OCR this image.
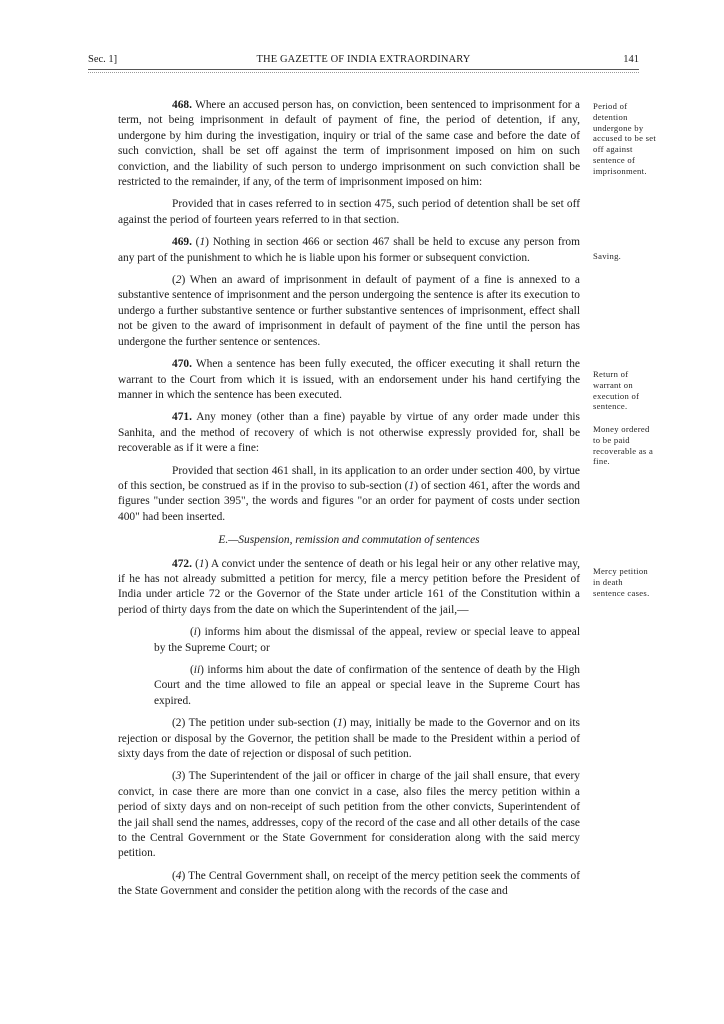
Sec. 1]	THE GAZETTE OF INDIA EXTRAORDINARY	141

468. Where an accused person has, on conviction, been sentenced to imprisonment for a term, not being imprisonment in default of payment of fine, the period of detention, if any, undergone by him during the investigation, inquiry or trial of the same case and before the date of such conviction, shall be set off against the term of imprisonment imposed on him on such conviction, and the liability of such person to undergo imprisonment on such conviction shall be restricted to the remainder, if any, of the term of imprisonment imposed on him:

Provided that in cases referred to in section 475, such period of detention shall be set off against the period of fourteen years referred to in that section.

469. (1) Nothing in section 466 or section 467 shall be held to excuse any person from any part of the punishment to which he is liable upon his former or subsequent conviction.

(2) When an award of imprisonment in default of payment of a fine is annexed to a substantive sentence of imprisonment and the person undergoing the sentence is after its execution to undergo a further substantive sentence or further substantive sentences of imprisonment, effect shall not be given to the award of imprisonment in default of payment of the fine until the person has undergone the further sentence or sentences.

470. When a sentence has been fully executed, the officer executing it shall return the warrant to the Court from which it is issued, with an endorsement under his hand certifying the manner in which the sentence has been executed.

471. Any money (other than a fine) payable by virtue of any order made under this Sanhita, and the method of recovery of which is not otherwise expressly provided for, shall be recoverable as if it were a fine:

Provided that section 461 shall, in its application to an order under section 400, by virtue of this section, be construed as if in the proviso to sub-section (1) of section 461, after the words and figures "under section 395", the words and figures "or an order for payment of costs under section 400" had been inserted.

E.—Suspension, remission and commutation of sentences

472. (1) A convict under the sentence of death or his legal heir or any other relative may, if he has not already submitted a petition for mercy, file a mercy petition before the President of India under article 72 or the Governor of the State under article 161 of the Constitution within a period of thirty days from the date on which the Superintendent of the jail,—

(i) informs him about the dismissal of the appeal, review or special leave to appeal by the Supreme Court; or

(ii) informs him about the date of confirmation of the sentence of death by the High Court and the time allowed to file an appeal or special leave in the Supreme Court has expired.

(2) The petition under sub-section (1) may, initially be made to the Governor and on its rejection or disposal by the Governor, the petition shall be made to the President within a period of sixty days from the date of rejection or disposal of such petition.

(3) The Superintendent of the jail or officer in charge of the jail shall ensure, that every convict, in case there are more than one convict in a case, also files the mercy petition within a period of sixty days and on non-receipt of such petition from the other convicts, Superintendent of the jail shall send the names, addresses, copy of the record of the case and all other details of the case to the Central Government or the State Government for consideration along with the said mercy petition.

(4) The Central Government shall, on receipt of the mercy petition seek the comments of the State Government and consider the petition along with the records of the case and

Period of detention undergone by accused to be set off against sentence of imprisonment.
Saving.
Return of warrant on execution of sentence.
Money ordered to be paid recoverable as a fine.
Mercy petition in death sentence cases.
